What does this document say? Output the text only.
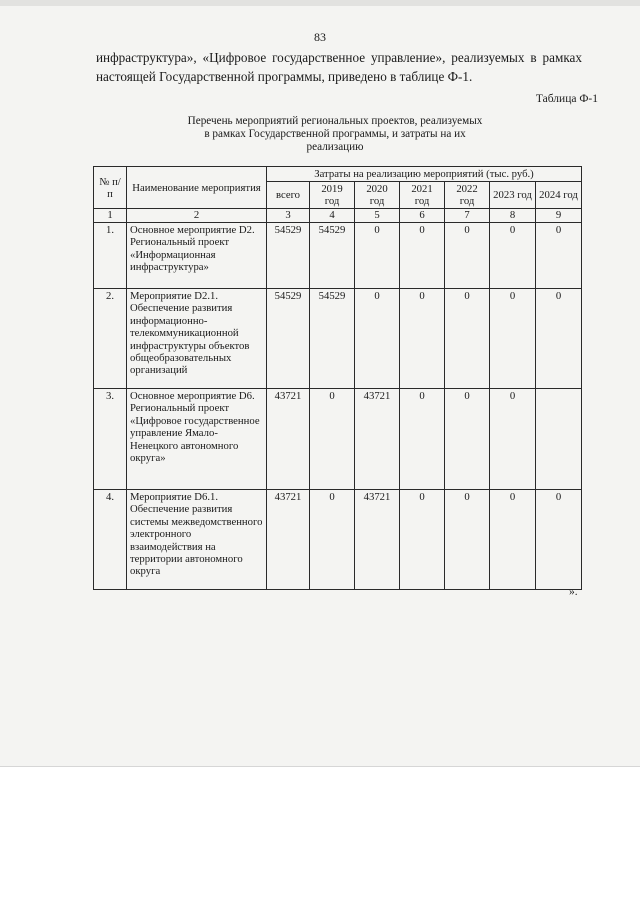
83
инфраструктура», «Цифровое государственное управление», реализуемых в рамках настоящей Государственной программы, приведено в таблице Ф-1.
Таблица Ф-1
Перечень мероприятий региональных проектов, реализуемых
в рамках Государственной программы, и затраты на их
реализацию
№ п/п	Наименование мероприятия	Затраты на реализацию мероприятий (тыс. руб.)						
		всего	2019 год	2020 год	2021 год	2022 год	2023 год	2024 год
1	2	3	4	5	6	7	8	9
1.	Основное мероприятие D2. Региональный проект «Информационная инфраструктура»	54529	54529	0	0	0	0	0
2.	Мероприятие D2.1. Обеспечение развития информационно-телекоммуникационной инфраструктуры объектов общеобразовательных организаций	54529	54529	0	0	0	0	0
3.	Основное мероприятие D6. Региональный проект «Цифровое государственное управление Ямало-Ненецкого автономного округа»	43721	0	43721	0	0	0	
4.	Мероприятие D6.1. Обеспечение развития системы межведомственного электронного взаимодействия на территории автономного округа	43721	0	43721	0	0	0	0
».
